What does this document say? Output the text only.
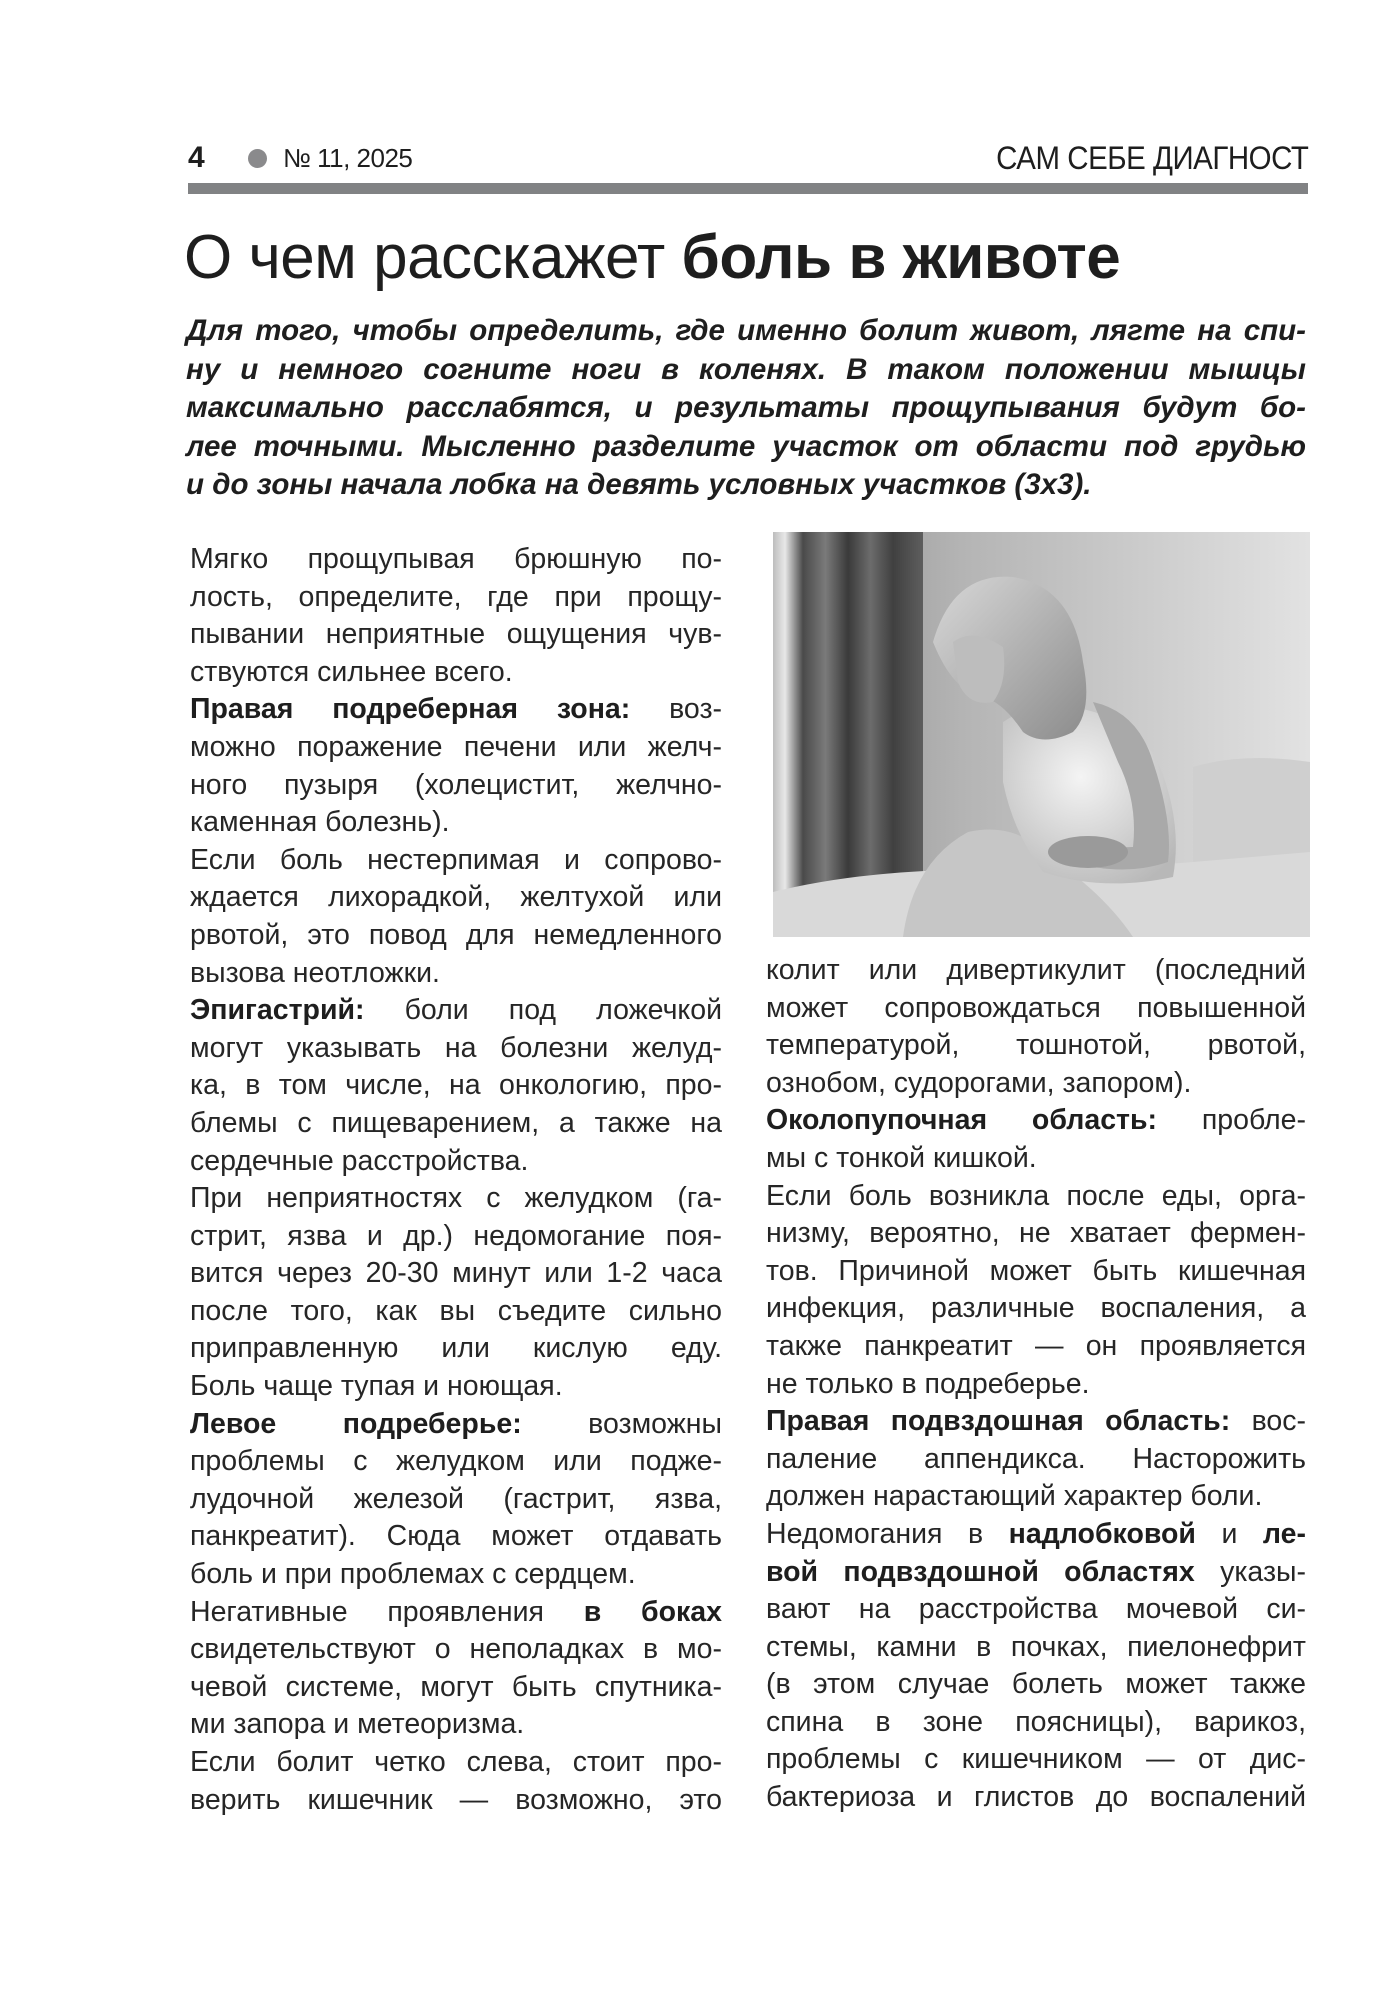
4	№ 11, 2025	САМ СЕБЕ ДИАГНОСТ
О чем расскажет боль в животе
Для того, чтобы определить, где именно болит живот, лягте на спи-
ну и немного согните ноги в коленях. В таком положении мышцы
максимально расслабятся, и результаты прощупывания будут бо-
лее точными. Мысленно разделите участок от области под грудью
и до зоны начала лобка на девять условных участков (3х3).
Мягко прощупывая брюшную по-
лость, определите, где при прощу-
пывании неприятные ощущения чув-
ствуются сильнее всего.
Правая подреберная зона: воз-
можно поражение печени или желч-
ного пузыря (холецистит, желчно-
каменная болезнь).
Если боль нестерпимая и сопрово-
ждается лихорадкой, желтухой или
рвотой, это повод для немедленного
вызова неотложки.
Эпигастрий: боли под ложечкой
могут указывать на болезни желуд-
ка, в том числе, на онкологию, про-
блемы с пищеварением, а также на
сердечные расстройства.
При неприятностях с желудком (га-
стрит, язва и др.) недомогание поя-
вится через 20-30 минут или 1-2 часа
после того, как вы съедите сильно
приправленную или кислую еду.
Боль чаще тупая и ноющая.
Левое подреберье: возможны
проблемы с желудком или подже-
лудочной железой (гастрит, язва,
панкреатит). Сюда может отдавать
боль и при проблемах с сердцем.
Негативные проявления в боках
свидетельствуют о неполадках в мо-
чевой системе, могут быть спутника-
ми запора и метеоризма.
Если болит четко слева, стоит про-
верить кишечник — возможно, это
колит или дивертикулит (последний
может сопровождаться повышенной
температурой, тошнотой, рвотой,
ознобом, судорогами, запором).
Околопупочная область: пробле-
мы с тонкой кишкой.
Если боль возникла после еды, орга-
низму, вероятно, не хватает фермен-
тов. Причиной может быть кишечная
инфекция, различные воспаления, а
также панкреатит — он проявляется
не только в подреберье.
Правая подвздошная область: вос-
паление аппендикса. Насторожить
должен нарастающий характер боли.
Недомогания в надлобковой и ле-
вой подвздошной областях указы-
вают на расстройства мочевой си-
стемы, камни в почках, пиелонефрит
(в этом случае болеть может также
спина в зоне поясницы), варикоз,
проблемы с кишечником — от дис-
бактериоза и глистов до воспалений
